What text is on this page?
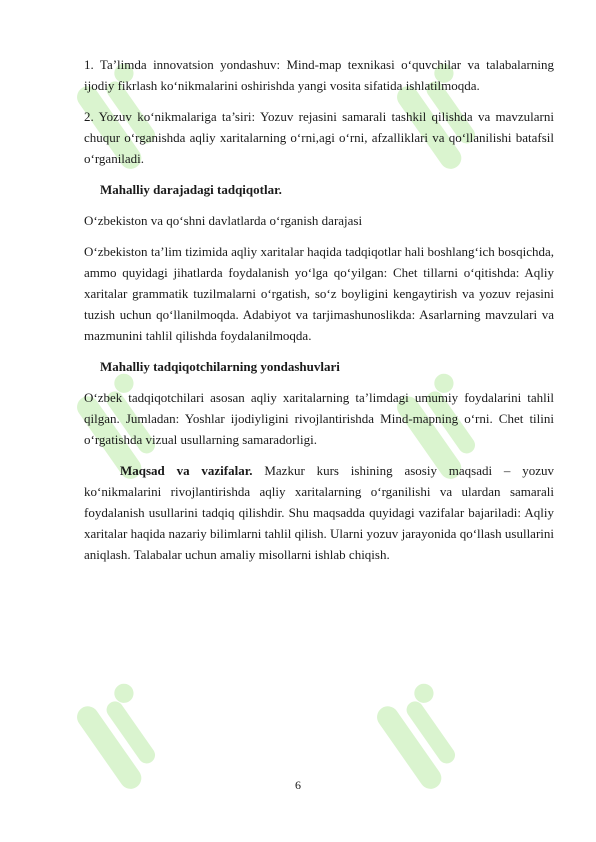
1. Ta’limda innovatsion yondashuv: Mind-map texnikasi o‘quvchilar va talabalarning ijodiy fikrlash ko‘nikmalarini oshirishda yangi vosita sifatida ishlatilmoqda.

2. Yozuv ko‘nikmalariga ta’siri: Yozuv rejasini samarali tashkil qilishda va mavzularni chuqur o‘rganishda aqliy xaritalarning o‘rni,agi o‘rni, afzalliklari va qo‘llanilishi batafsil o‘rganiladi.

Mahalliy darajadagi tadqiqotlar.

O‘zbekiston va qo‘shni davlatlarda o‘rganish darajasi

O‘zbekiston ta’lim tizimida aqliy xaritalar haqida tadqiqotlar hali boshlang‘ich bosqichda, ammo quyidagi jihatlarda foydalanish yo‘lga qo‘yilgan: Chet tillarni o‘qitishda: Aqliy xaritalar grammatik tuzilmalarni o‘rgatish, so‘z boyligini kengaytirish va yozuv rejasini tuzish uchun qo‘llanilmoqda. Adabiyot va tarjimashunoslikda: Asarlarning mavzulari va mazmunini tahlil qilishda foydalanilmoqda.

Mahalliy tadqiqotchilarning yondashuvlari

O‘zbek tadqiqotchilari asosan aqliy xaritalarning ta’limdagi umumiy foydalarini tahlil qilgan. Jumladan: Yoshlar ijodiyligini rivojlantirishda Mind-mapning o‘rni. Chet tilini o‘rgatishda vizual usullarning samaradorligi.

Maqsad va vazifalar. Mazkur kurs ishining asosiy maqsadi – yozuv ko‘nikmalarini rivojlantirishda aqliy xaritalarning o‘rganilishi va ulardan samarali foydalanish usullarini tadqiq qilishdir. Shu maqsadda quyidagi vazifalar bajariladi: Aqliy xaritalar haqida nazariy bilimlarni tahlil qilish. Ularni yozuv jarayonida qo‘llash usullarini aniqlash. Talabalar uchun amaliy misollarni ishlab chiqish.

6
